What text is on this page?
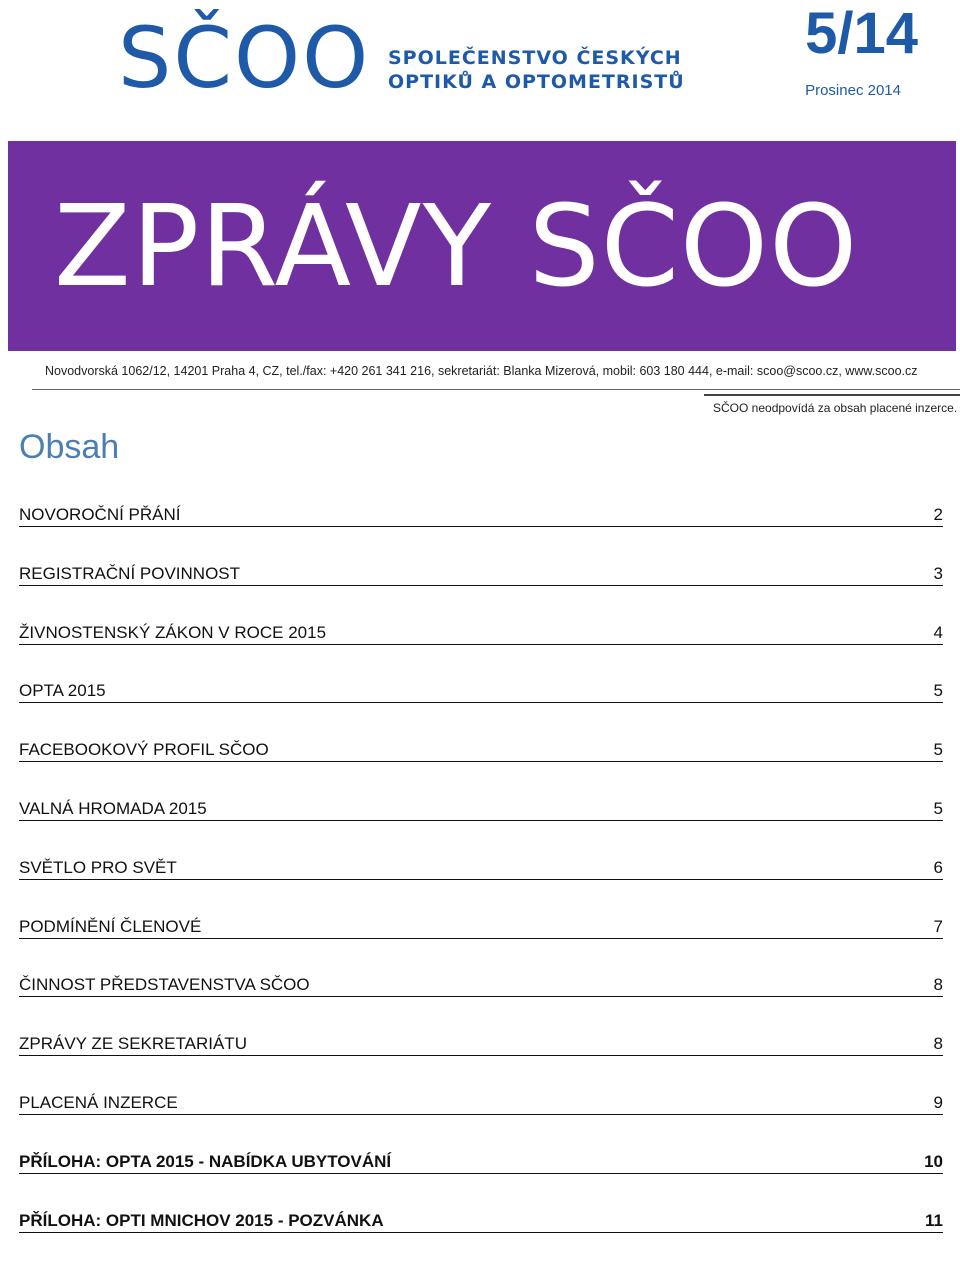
SČOO SPOLEČENSTVO ČESKÝCH
OPTIKŮ A OPTOMETRISTŮ
5/14
Prosinec 2014
ZPRÁVY SČOO
Novodvorská 1062/12, 14201 Praha 4, CZ, tel./fax: +420 261 341 216, sekretariát: Blanka Mizerová, mobil: 603 180 444, e-mail: scoo@scoo.cz, www.scoo.cz
SČOO neodpovídá za obsah placené inzerce.
Obsah
NOVOROČNÍ PŘÁNÍ	2
REGISTRAČNÍ POVINNOST	3
ŽIVNOSTENSKÝ ZÁKON V ROCE 2015	4
OPTA 2015	5
FACEBOOKOVÝ PROFIL SČOO	5
VALNÁ HROMADA 2015	5
SVĚTLO PRO SVĚT	6
PODMÍNĚNÍ ČLENOVÉ	7
ČINNOST PŘEDSTAVENSTVA SČOO	8
ZPRÁVY ZE SEKRETARIÁTU	8
PLACENÁ INZERCE	9
PŘÍLOHA: OPTA 2015 - NABÍDKA UBYTOVÁNÍ	10
PŘÍLOHA: OPTI MNICHOV 2015 - POZVÁNKA	11
